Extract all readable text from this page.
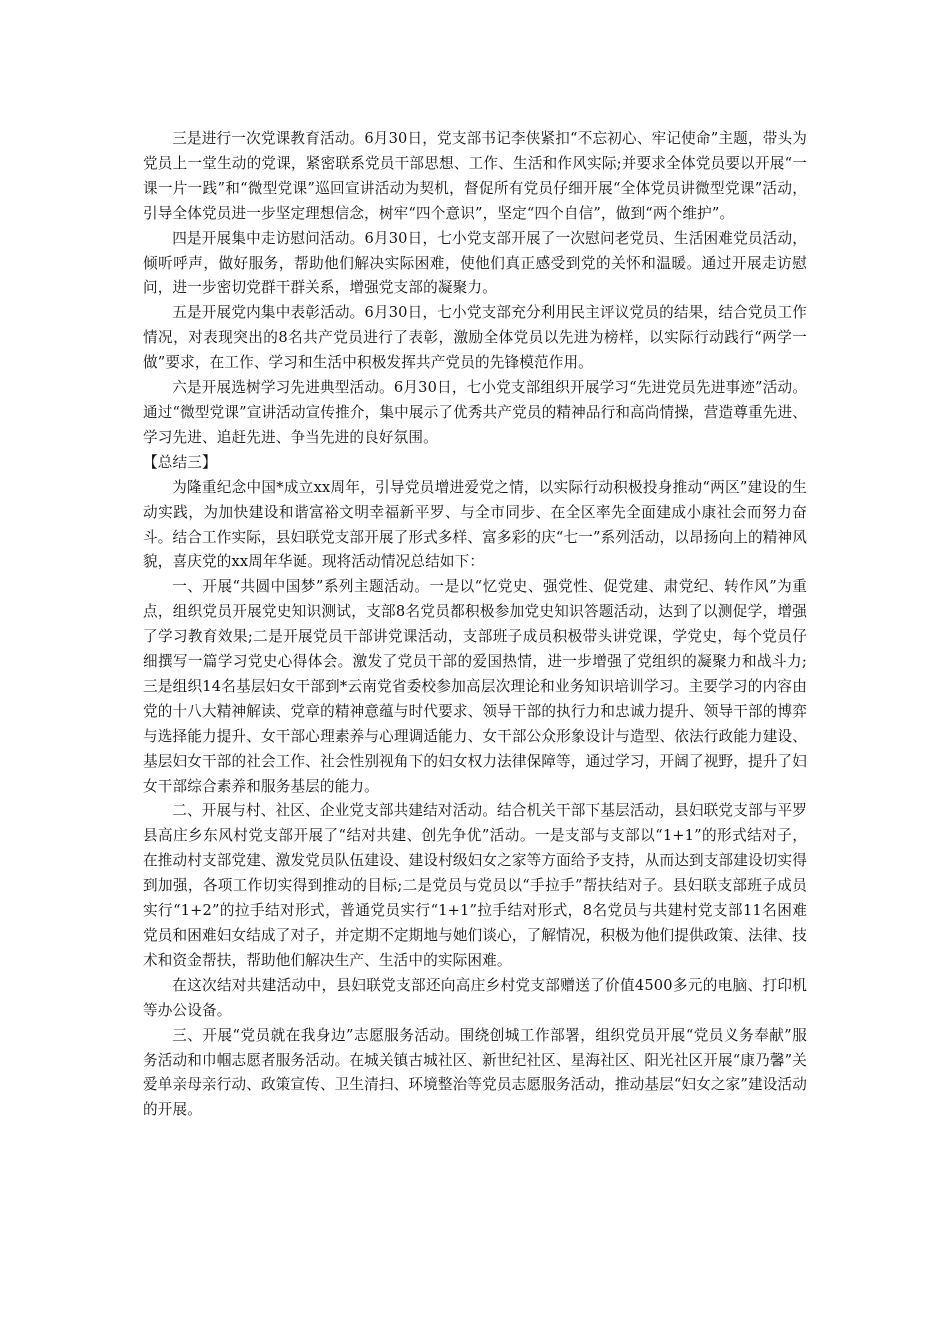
三是进行一次党课教育活动。6月30日，党支部书记李侠紧扣“不忘初心、牢记使命”主题，带头为党员上一堂生动的党课，紧密联系党员干部思想、工作、生活和作风实际;并要求全体党员要以开展“一课一片一践”和“微型党课”巡回宣讲活动为契机，督促所有党员仔细开展“全体党员讲微型党课”活动，引导全体党员进一步坚定理想信念，树牢“四个意识”，坚定“四个自信”，做到“两个维护”。

四是开展集中走访慰问活动。6月30日，七小党支部开展了一次慰问老党员、生活困难党员活动，倾听呼声，做好服务，帮助他们解决实际困难，使他们真正感受到党的关怀和温暖。通过开展走访慰问，进一步密切党群干群关系，增强党支部的凝聚力。

五是开展党内集中表彰活动。6月30日，七小党支部充分利用民主评议党员的结果，结合党员工作情况，对表现突出的8名共产党员进行了表彰，激励全体党员以先进为榜样，以实际行动践行“两学一做”要求，在工作、学习和生活中积极发挥共产党员的先锋模范作用。

六是开展选树学习先进典型活动。6月30日，七小党支部组织开展学习“先进党员先进事迹”活动。通过“微型党课”宣讲活动宣传推介，集中展示了优秀共产党员的精神品行和高尚情操，营造尊重先进、学习先进、追赶先进、争当先进的良好氛围。

【总结三】

为隆重纪念中国*成立xx周年，引导党员增进爱党之情，以实际行动积极投身推动“两区”建设的生动实践，为加快建设和谐富裕文明幸福新平罗、与全市同步、在全区率先全面建成小康社会而努力奋斗。结合工作实际，县妇联党支部开展了形式多样、富多彩的庆“七一”系列活动，以昂扬向上的精神风貌，喜庆党的xx周年华诞。现将活动情况总结如下：

一、开展“共圆中国梦”系列主题活动。一是以“忆党史、强党性、促党建、肃党纪、转作风”为重点，组织党员开展党史知识测试，支部8名党员都积极参加党史知识答题活动，达到了以测促学，增强了学习教育效果;二是开展党员干部讲党课活动，支部班子成员积极带头讲党课，学党史，每个党员仔细撰写一篇学习党史心得体会。激发了党员干部的爱国热情，进一步增强了党组织的凝聚力和战斗力;三是组织14名基层妇女干部到*云南党省委校参加高层次理论和业务知识培训学习。主要学习的内容由党的十八大精神解读、党章的精神意蕴与时代要求、领导干部的执行力和忠诚力提升、领导干部的博弈与选择能力提升、女干部心理素养与心理调适能力、女干部公众形象设计与造型、依法行政能力建设、基层妇女干部的社会工作、社会性别视角下的妇女权力法律保障等，通过学习，开阔了视野，提升了妇女干部综合素养和服务基层的能力。

二、开展与村、社区、企业党支部共建结对活动。结合机关干部下基层活动，县妇联党支部与平罗县高庄乡东风村党支部开展了“结对共建、创先争优”活动。一是支部与支部以“1+1”的形式结对子，在推动村支部党建、激发党员队伍建设、建设村级妇女之家等方面给予支持，从而达到支部建设切实得到加强，各项工作切实得到推动的目标;二是党员与党员以“手拉手”帮扶结对子。县妇联支部班子成员实行“1+2”的拉手结对形式，普通党员实行“1+1”拉手结对形式，8名党员与共建村党支部11名困难党员和困难妇女结成了对子，并定期不定期地与她们谈心，了解情况，积极为他们提供政策、法律、技术和资金帮扶，帮助他们解决生产、生活中的实际困难。

在这次结对共建活动中，县妇联党支部还向高庄乡村党支部赠送了价值4500多元的电脑、打印机等办公设备。

三、开展“党员就在我身边”志愿服务活动。围绕创城工作部署，组织党员开展“党员义务奉献”服务活动和巾帼志愿者服务活动。在城关镇古城社区、新世纪社区、星海社区、阳光社区开展“康乃馨”关爱单亲母亲行动、政策宣传、卫生清扫、环境整治等党员志愿服务活动，推动基层“妇女之家”建设活动的开展。
